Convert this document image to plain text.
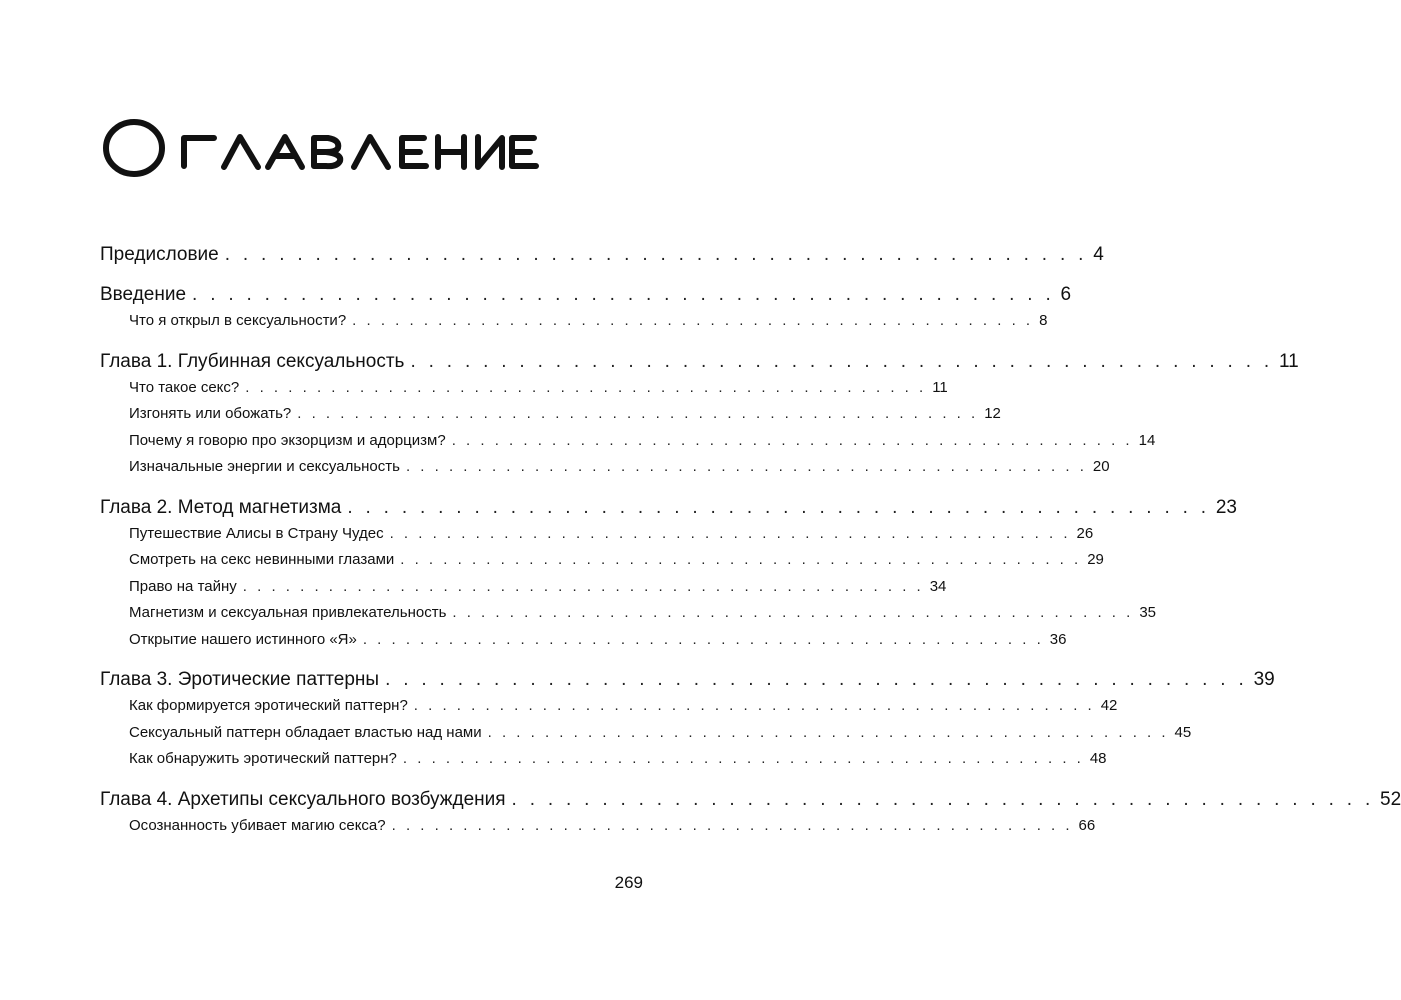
Предисловие . . . . . . . . . . . . . . . . . . . . . . . . . . . . . . . . . . . . . . . . . . . . . . . . 4
Введение . . . . . . . . . . . . . . . . . . . . . . . . . . . . . . . . . . . . . . . . . . . . . . . . 6
Что я открыл в сексуальности? . . . . . . . . . . . . . . . . . . . . . . . . . . . . . . . . . . . . . . . . . . . . . . . . 8
Глава 1. Глубинная сексуальность . . . . . . . . . . . . . . . . . . . . . . . . . . . . . . . . . . . . . . . . . . . . . . . . 11
Что такое секс? . . . . . . . . . . . . . . . . . . . . . . . . . . . . . . . . . . . . . . . . . . . . . . . . 11
Изгонять или обожать? . . . . . . . . . . . . . . . . . . . . . . . . . . . . . . . . . . . . . . . . . . . . . . . . 12
Почему я говорю про экзорцизм и адорцизм? . . . . . . . . . . . . . . . . . . . . . . . . . . . . . . . . . . . . . . . . . . . . . . . . 14
Изначальные энергии и сексуальность . . . . . . . . . . . . . . . . . . . . . . . . . . . . . . . . . . . . . . . . . . . . . . . . 20
Глава 2. Метод магнетизма . . . . . . . . . . . . . . . . . . . . . . . . . . . . . . . . . . . . . . . . . . . . . . . . 23
Путешествие Алисы в Страну Чудес . . . . . . . . . . . . . . . . . . . . . . . . . . . . . . . . . . . . . . . . . . . . . . . . 26
Смотреть на секс невинными глазами . . . . . . . . . . . . . . . . . . . . . . . . . . . . . . . . . . . . . . . . . . . . . . . . 29
Право на тайну . . . . . . . . . . . . . . . . . . . . . . . . . . . . . . . . . . . . . . . . . . . . . . . . 34
Магнетизм и сексуальная привлекательность . . . . . . . . . . . . . . . . . . . . . . . . . . . . . . . . . . . . . . . . . . . . . . . . 35
Открытие нашего истинного «Я» . . . . . . . . . . . . . . . . . . . . . . . . . . . . . . . . . . . . . . . . . . . . . . . . 36
Глава 3. Эротические паттерны . . . . . . . . . . . . . . . . . . . . . . . . . . . . . . . . . . . . . . . . . . . . . . . . 39
Как формируется эротический паттерн? . . . . . . . . . . . . . . . . . . . . . . . . . . . . . . . . . . . . . . . . . . . . . . . . 42
Сексуальный паттерн обладает властью над нами . . . . . . . . . . . . . . . . . . . . . . . . . . . . . . . . . . . . . . . . . . . . . . . . 45
Как обнаружить эротический паттерн? . . . . . . . . . . . . . . . . . . . . . . . . . . . . . . . . . . . . . . . . . . . . . . . . 48
Глава 4. Архетипы сексуального возбуждения . . . . . . . . . . . . . . . . . . . . . . . . . . . . . . . . . . . . . . . . . . . . . . . . 52
Осознанность убивает магию секса? . . . . . . . . . . . . . . . . . . . . . . . . . . . . . . . . . . . . . . . . . . . . . . . . 66
269
